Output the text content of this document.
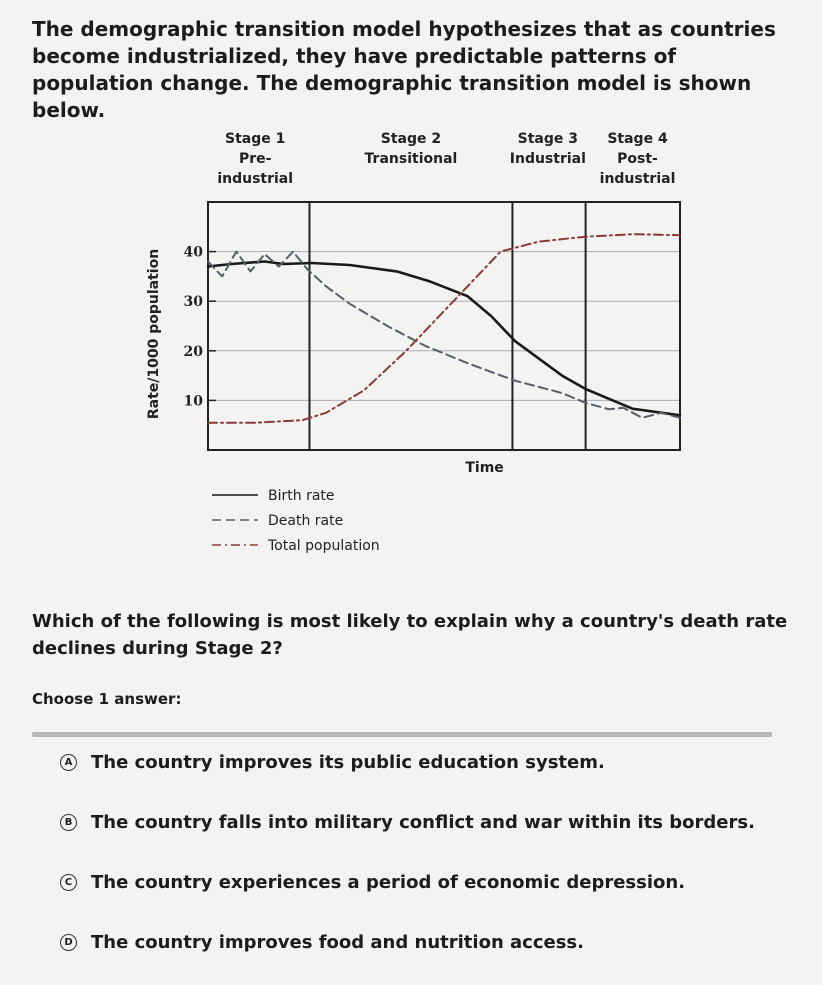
The demographic transition model hypothesizes that as countries become industrialized, they have predictable patterns of population change. The demographic transition model is shown below.

Stage 1
Pre-
industrial
Stage 2
Transitional
Stage 3
Industrial
Stage 4
Post-
industrial
10
20
30
40
Rate/1000 population
Time
Birth rate
Death rate
Total population

Which of the following is most likely to explain why a country's death rate declines during Stage 2?

Choose 1 answer:

A The country improves its public education system.
B The country falls into military conflict and war within its borders.
C The country experiences a period of economic depression.
D The country improves food and nutrition access.
